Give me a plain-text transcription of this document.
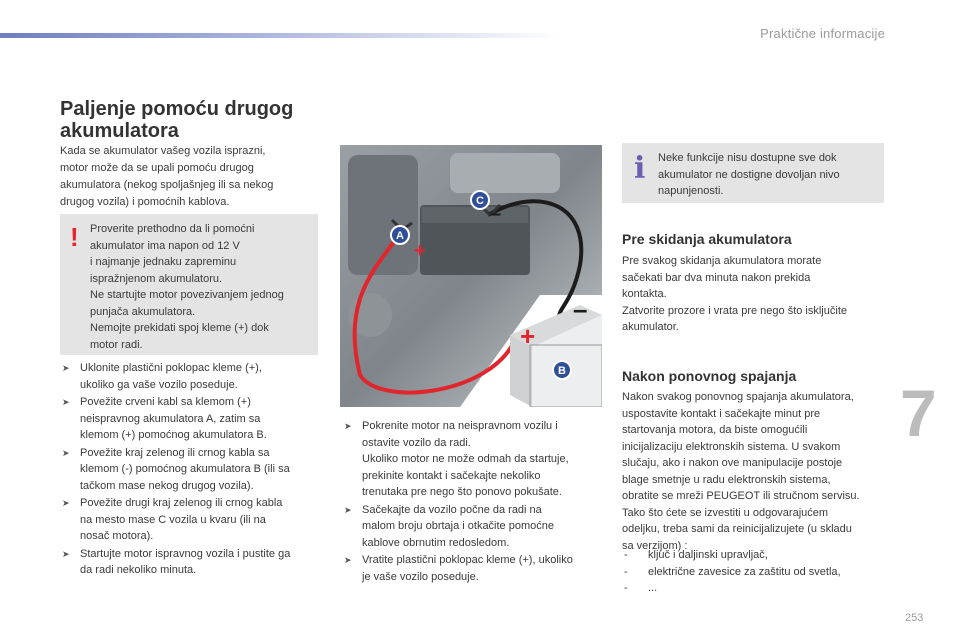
Praktične informacije
7
253
Paljenje pomoću drugog
akumulatora

Kada se akumulator vašeg vozila isprazni,
motor može da se upali pomoću drugog
akumulatora (nekog spoljašnjeg ili sa nekog
drugog vozila) i pomoćnih kablova.

! Proverite prethodno da li pomoćni
akumulator ima napon od 12 V
i najmanje jednaku zapreminu
ispražnjenom akumulatoru.
Ne startujte motor povezivanjem jednog
punjača akumulatora.
Nemojte prekidati spoj kleme (+) dok
motor radi.

➤ Uklonite plastični poklopac kleme (+),
ukoliko ga vaše vozilo poseduje.
➤ Povežite crveni kabl sa klemom (+)
neispravnog akumulatora A, zatim sa
klemom (+) pomoćnog akumulatora B.
➤ Povežite kraj zelenog ili crnog kabla sa
klemom (-) pomoćnog akumulatora B (ili sa
tačkom mase nekog drugog vozila).
➤ Povežite drugi kraj zelenog ili crnog kabla
na mesto mase C vozila u kvaru (ili na
nosač motora).
➤ Startujte motor ispravnog vozila i pustite ga
da radi nekoliko minuta.
+
–
+
–
A
C
B
➤ Pokrenite motor na neispravnom vozilu i
ostavite vozilo da radi.
Ukoliko motor ne može odmah da startuje,
prekinite kontakt i sačekajte nekoliko
trenutaka pre nego što ponovo pokušate.
➤ Sačekajte da vozilo počne da radi na
malom broju obrtaja i otkačite pomoćne
kablove obrnutim redosledom.
➤ Vratite plastični poklopac kleme (+), ukoliko
je vaše vozilo poseduje.
i Neke funkcije nisu dostupne sve dok
akumulator ne dostigne dovoljan nivo
napunjenosti.

Pre skidanja akumulatora

Pre svakog skidanja akumulatora morate
sačekati bar dva minuta nakon prekida
kontakta.
Zatvorite prozore i vrata pre nego što isključite
akumulator.

Nakon ponovnog spajanja

Nakon svakog ponovnog spajanja akumulatora,
uspostavite kontakt i sačekajte minut pre
startovanja motora, da biste omogućili
inicijalizaciju elektronskih sistema. U svakom
slučaju, ako i nakon ove manipulacije postoje
blage smetnje u radu elektronskih sistema,
obratite se mreži PEUGEOT ili stručnom servisu.
Tako što ćete se izvestiti u odgovarajućem
odeljku, treba sami da reinicijalizujete (u skladu
sa verzijom) :

- ključ i daljinski upravljač,
- električne zavesice za zaštitu od svetla,
- ...
